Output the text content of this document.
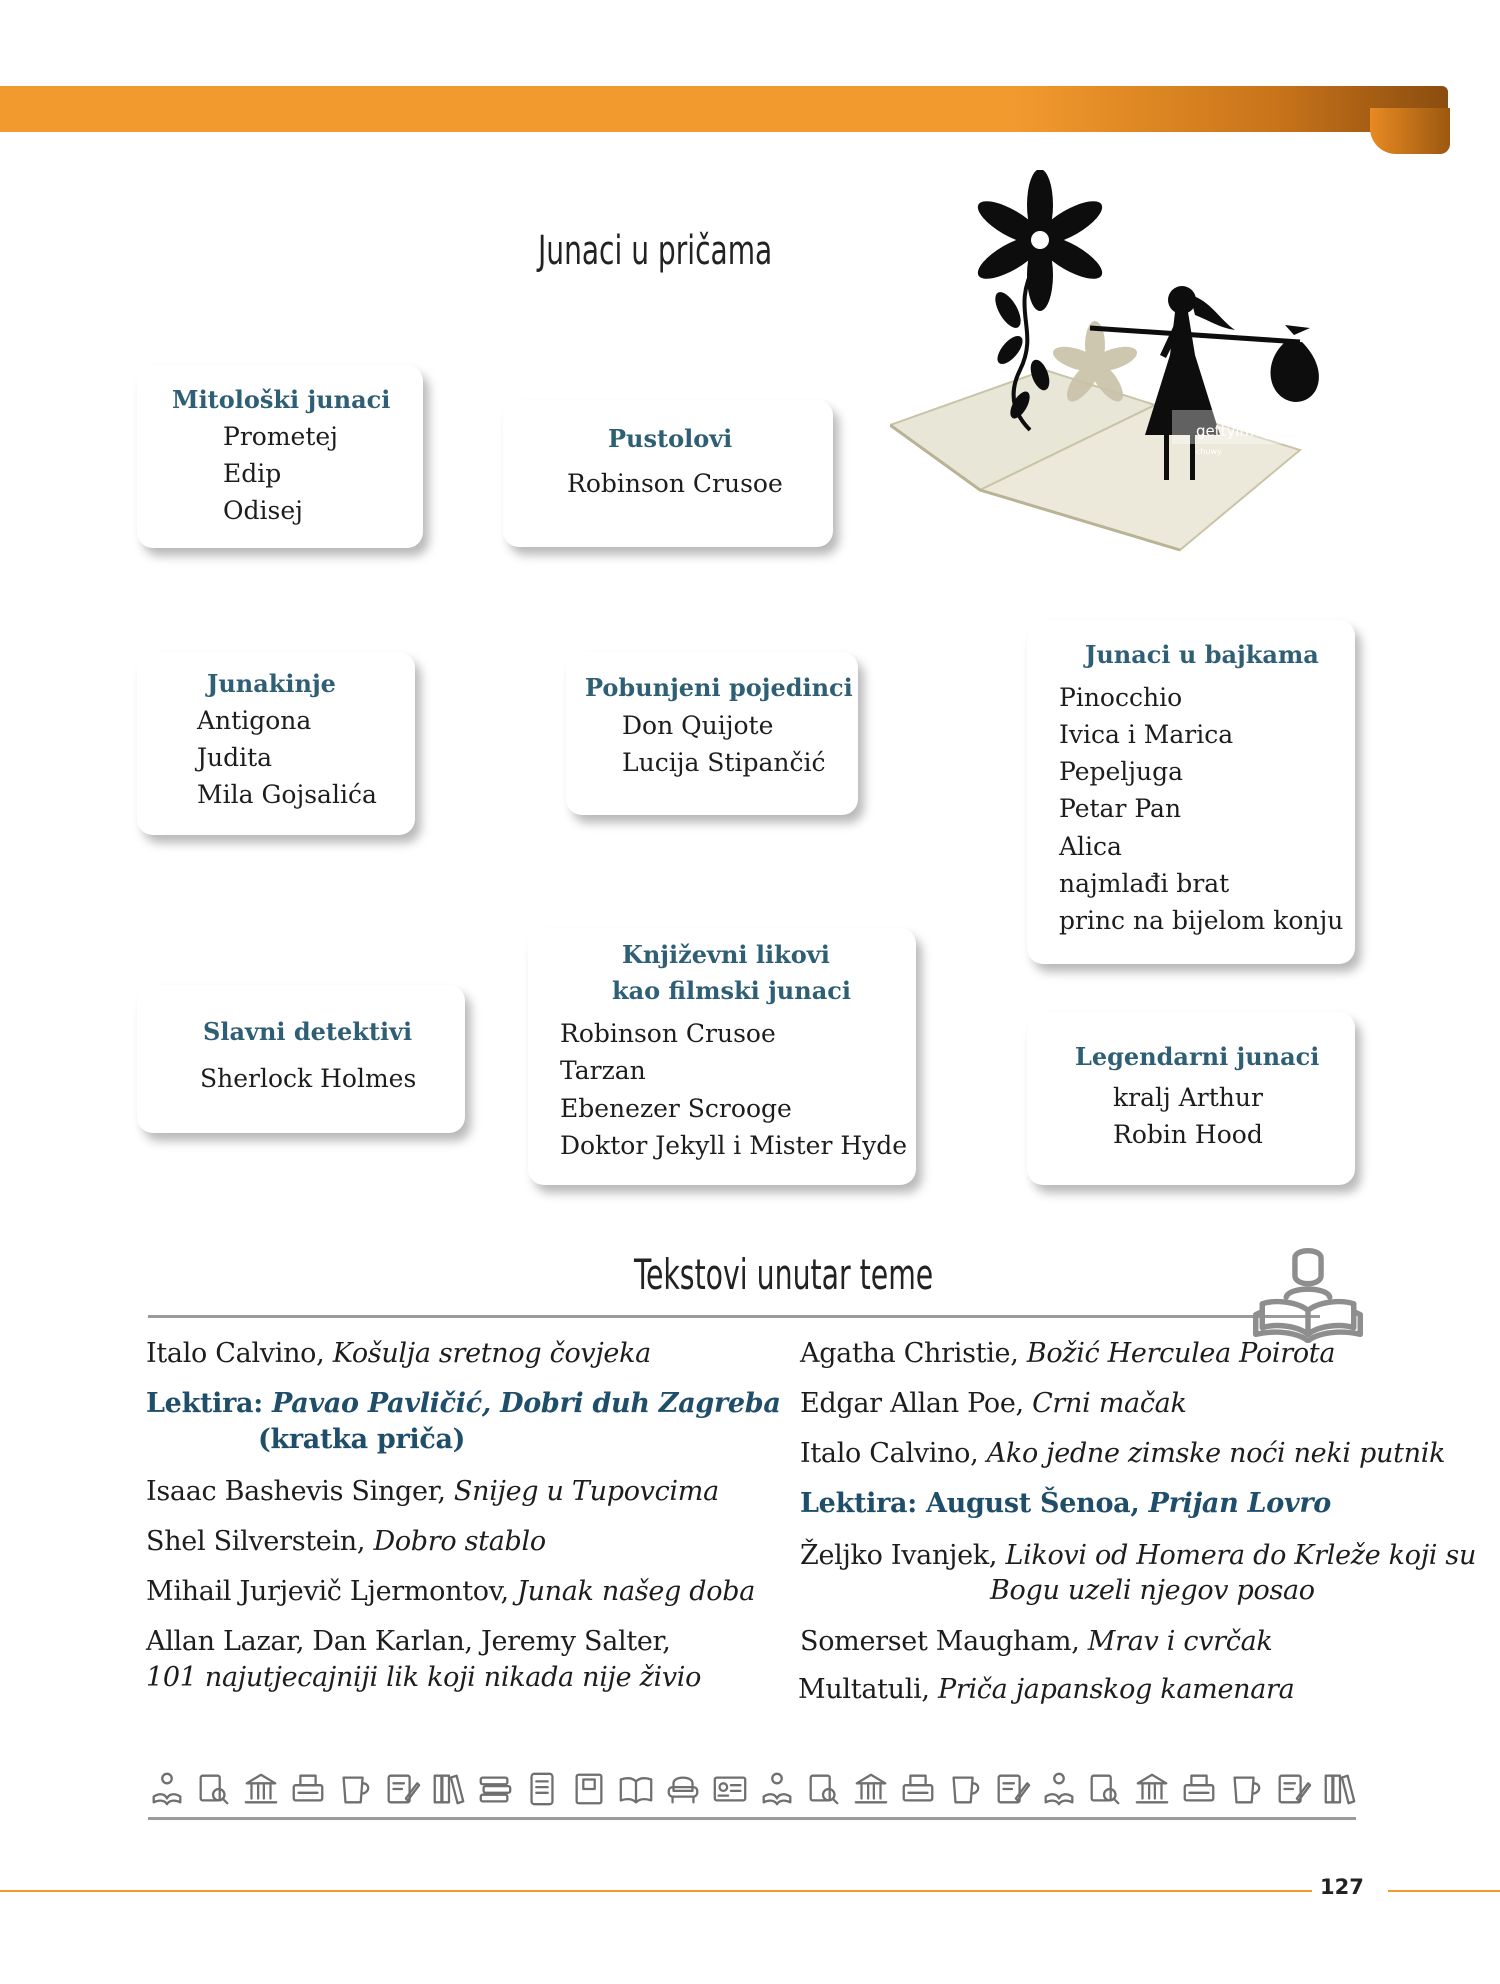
Junaci u pričama
gettyimages
chuwy
Mitološki junaci
Prometej
Edip
Odisej
Pustolovi
Robinson Crusoe
Junakinje
Antigona
Judita
Mila Gojsalića
Pobunjeni pojedinci
Don Quijote
Lucija Stipančić
Junaci u bajkama
Pinocchio
Ivica i Marica
Pepeljuga
Petar Pan
Alica
najmlađi brat
princ na bijelom konju
Slavni detektivi
Sherlock Holmes
Književni likovi
kao filmski junaci
Robinson Crusoe
Tarzan
Ebenezer Scrooge
Doktor Jekyll i Mister Hyde
Legendarni junaci
kralj Arthur
Robin Hood
Tekstovi unutar teme
Italo Calvino, Košulja sretnog čovjeka
Lektira: Pavao Pavličić, Dobri duh Zagreba
(kratka priča)
Isaac Bashevis Singer, Snijeg u Tupovcima
Shel Silverstein, Dobro stablo
Mihail Jurjevič Ljermontov, Junak našeg doba
Allan Lazar, Dan Karlan, Jeremy Salter,
101 najutjecajniji lik koji nikada nije živio
Agatha Christie, Božić Herculea Poirota
Edgar Allan Poe, Crni mačak
Italo Calvino, Ako jedne zimske noći neki putnik
Lektira: August Šenoa, Prijan Lovro
Željko Ivanjek, Likovi od Homera do Krleže koji su
Bogu uzeli njegov posao
Somerset Maugham, Mrav i cvrčak
Multatuli, Priča japanskog kamenara
127
